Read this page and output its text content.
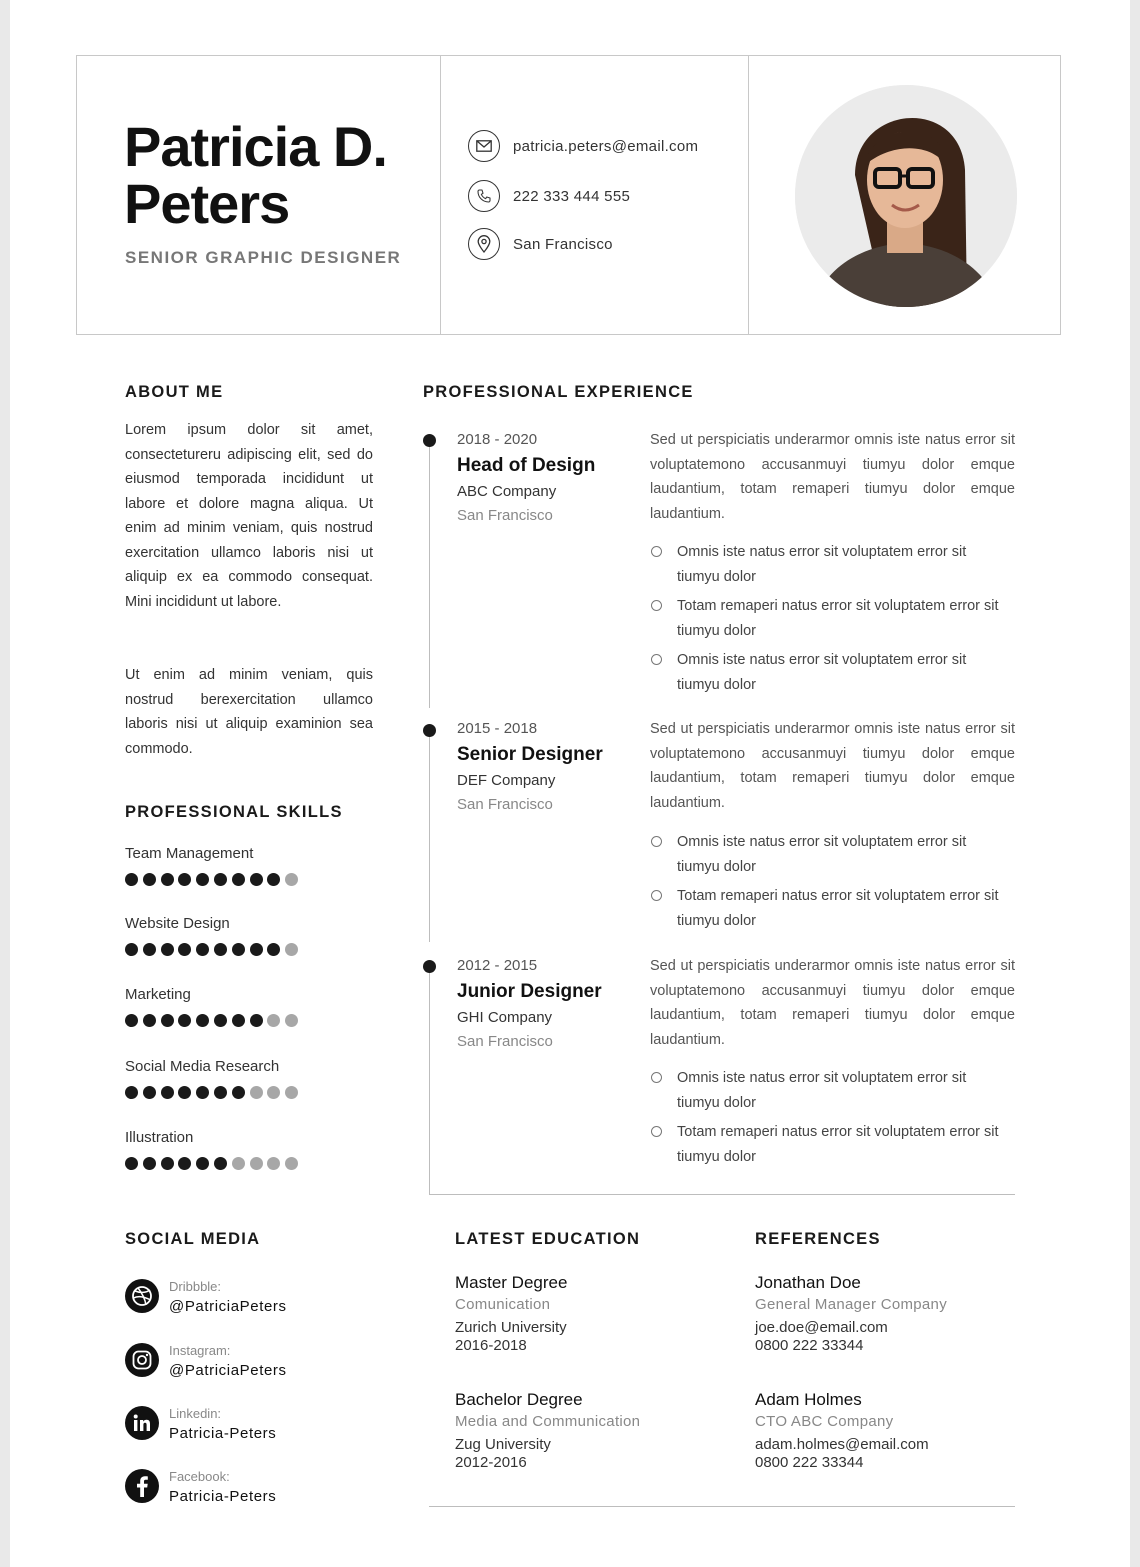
Patricia D.
Peters
SENIOR GRAPHIC DESIGNER
patricia.peters@email.com
222 333 444 555
San Francisco
ABOUT ME

Lorem ipsum dolor sit amet, consecteturеru adipiscing elit, sed do eiusmod temporada incididunt ut labore et dolore magna aliqua. Ut enim ad minim veniam, quis nostrud exercitation ullamco laboris nisi ut aliquip ex ea commodo consequat. Mini incididunt ut labore.

Ut enim ad minim veniam, quis nostrud berexercitation ullamco laboris nisi ut aliquip examinion sea commodo.

PROFESSIONAL SKILLS
Team Management
Website Design
Marketing
Social Media Research
Illustration
PROFESSIONAL EXPERIENCE
2018 - 2020
Head of Design
ABC Company
San Francisco

Sed ut perspiciatis underarmor omnis iste natus error sit voluptatemono accusanmuyi tiumyu dolor emque laudantium, totam remaperi tiumyu dolor emque laudantium.

Omnis iste natus error sit voluptatem error sit tiumyu dolor
Totam remaperi natus error sit voluptatem error sit tiumyu dolor
Omnis iste natus error sit voluptatem error sit tiumyu dolor
2015 - 2018
Senior Designer
DEF Company
San Francisco

Sed ut perspiciatis underarmor omnis iste natus error sit voluptatemono accusanmuyi tiumyu dolor emque laudantium, totam remaperi tiumyu dolor emque laudantium.

Omnis iste natus error sit voluptatem error sit tiumyu dolor
Totam remaperi natus error sit voluptatem error sit tiumyu dolor
2012 - 2015
Junior Designer
GHI Company
San Francisco

Sed ut perspiciatis underarmor omnis iste natus error sit voluptatemono accusanmuyi tiumyu dolor emque laudantium, totam remaperi tiumyu dolor emque laudantium.

Omnis iste natus error sit voluptatem error sit tiumyu dolor
Totam remaperi natus error sit voluptatem error sit tiumyu dolor
SOCIAL MEDIA
Dribbble:
@PatriciaPeters
Instagram:
@PatriciaPeters
Linkedin:
Patricia-Peters
Facebook:
Patricia-Peters
LATEST EDUCATION
Master Degree
Comunication
Zurich University
2016-2018
Bachelor Degree
Media and Communication
Zug University
2012-2016
REFERENCES
Jonathan Doe
General Manager Company
joe.doe@email.com
0800 222 33344
Adam Holmes
CTO ABC Company
adam.holmes@email.com
0800 222 33344
